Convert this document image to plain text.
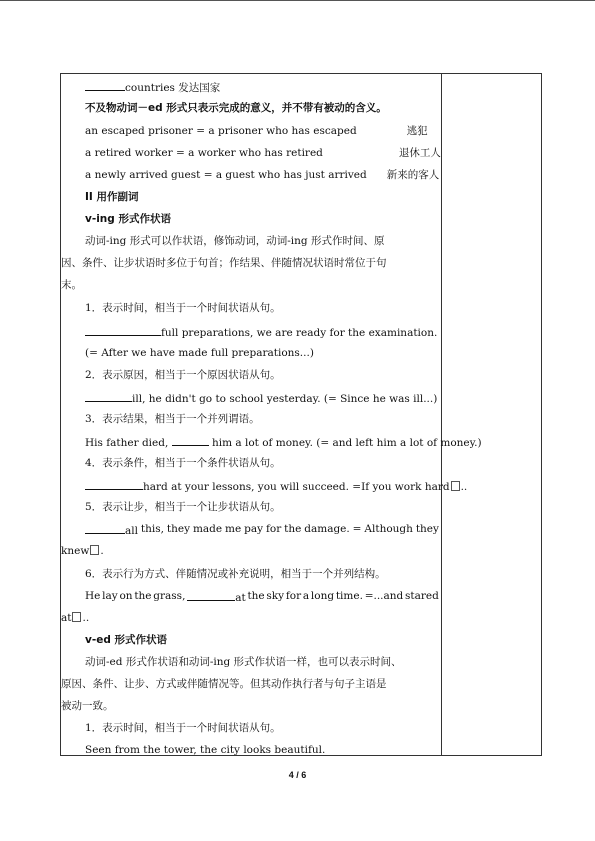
countries 发达国家
不及物动词－ed 形式只表示完成的意义，并不带有被动的含义。
an escaped prisoner = a prisoner who has escaped	逃犯
a retired worker = a worker who has retired	退休工人
a newly arrived guest = a guest who has just arrived 新来的客人
II 用作副词
v-ing 形式作状语
动词-ing 形式可以作状语，修饰动词，动词-ing 形式作时间、原
因、条件、让步状语时多位于句首；作结果、伴随情况状语时常位于句
末。
1．表示时间，相当于一个时间状语从句。
full preparations, we are ready for the examination.
(= After we have made full preparations...)
2．表示原因，相当于一个原因状语从句。
ill, he didn't go to school yesterday. (= Since he was ill...)
3．表示结果，相当于一个并列谓语。
His father died,	him a lot of money. (= and left him a lot of money.)
4．表示条件，相当于一个条件状语从句。
hard at your lessons, you will succeed. =If you work hard ..
5．表示让步，相当于一个让步状语从句。
all this, they made me pay for the damage. = Although they
knew .
6．表示行为方式、伴随情况或补充说明，相当于一个并列结构。
He lay on the grass,	at the sky for a long time. =...and stared
at ..
v-ed 形式作状语
动词-ed 形式作状语和动词-ing 形式作状语一样，也可以表示时间、
原因、条件、让步、方式或伴随情况等。但其动作执行者与句子主语是
被动一致。
1．表示时间，相当于一个时间状语从句。
Seen from the tower, the city looks beautiful.
4 / 6
